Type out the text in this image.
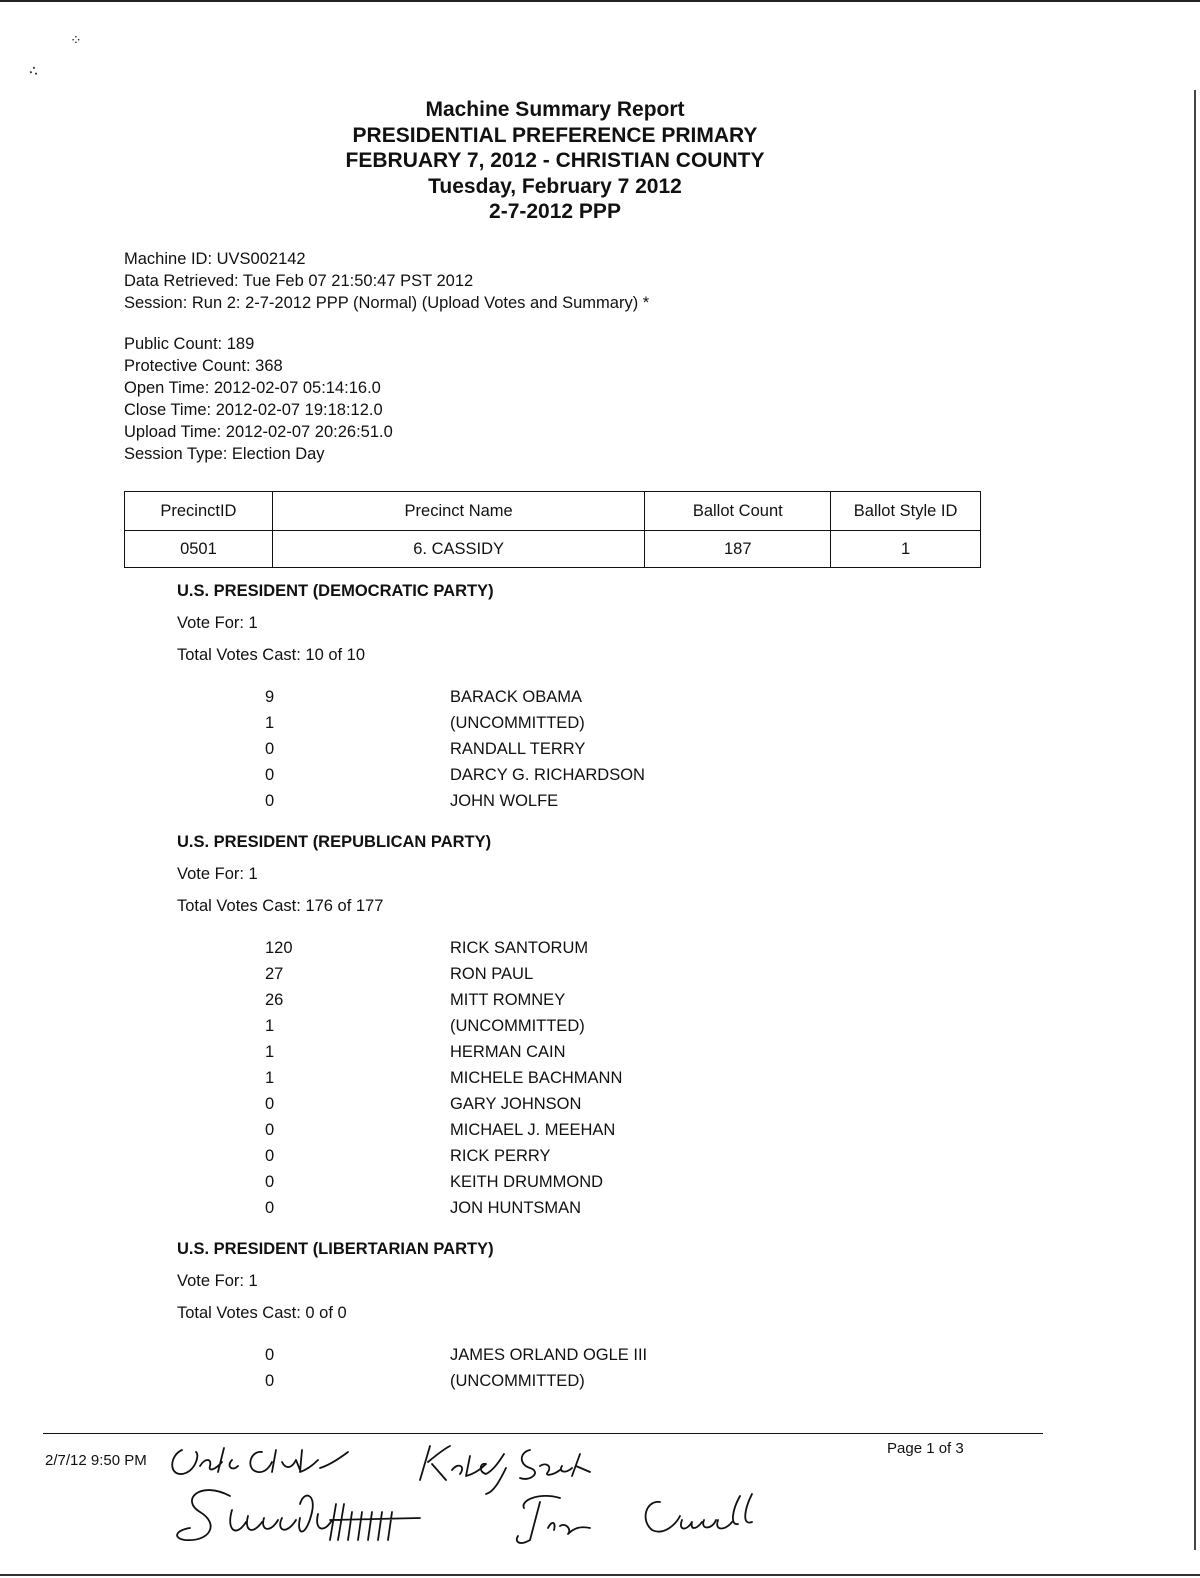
⁘
⁖
Machine Summary Report
PRESIDENTIAL PREFERENCE PRIMARY
FEBRUARY 7, 2012 - CHRISTIAN COUNTY
Tuesday, February 7 2012
2-7-2012 PPP
Machine ID: UVS002142
Data Retrieved: Tue Feb 07 21:50:47 PST 2012
Session: Run 2: 2-7-2012 PPP (Normal) (Upload Votes and Summary) *
Public Count: 189
Protective Count: 368
Open Time: 2012-02-07 05:14:16.0
Close Time: 2012-02-07 19:18:12.0
Upload Time: 2012-02-07 20:26:51.0
Session Type: Election Day
PrecinctID	Precinct Name	Ballot Count	Ballot Style ID
0501	6. CASSIDY	187	1
U.S. PRESIDENT (DEMOCRATIC PARTY)
Vote For: 1
Total Votes Cast: 10 of 10
9	BARACK OBAMA
1	(UNCOMMITTED)
0	RANDALL TERRY
0	DARCY G. RICHARDSON
0	JOHN WOLFE
U.S. PRESIDENT (REPUBLICAN PARTY)
Vote For: 1
Total Votes Cast: 176 of 177
120	RICK SANTORUM
27	RON PAUL
26	MITT ROMNEY
1	(UNCOMMITTED)
1	HERMAN CAIN
1	MICHELE BACHMANN
0	GARY JOHNSON
0	MICHAEL J. MEEHAN
0	RICK PERRY
0	KEITH DRUMMOND
0	JON HUNTSMAN
U.S. PRESIDENT (LIBERTARIAN PARTY)
Vote For: 1
Total Votes Cast: 0 of 0
0	JAMES ORLAND OGLE III
0	(UNCOMMITTED)
2/7/12 9:50 PM
Page 1 of 3
